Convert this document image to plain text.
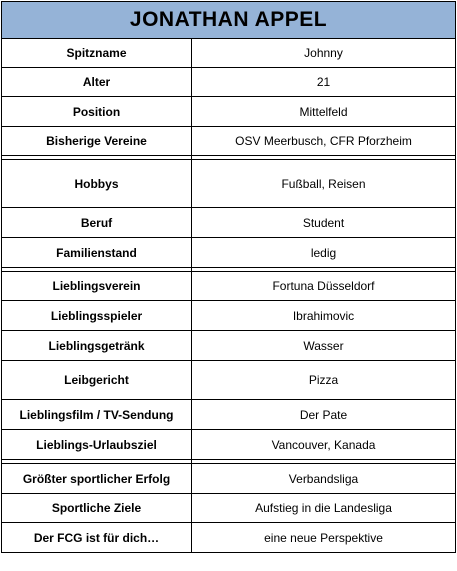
JONATHAN APPEL	
Spitzname	Johnny
Alter	21
Position	Mittelfeld
Bisherige Vereine	OSV Meerbusch, CFR Pforzheim

Hobbys	Fußball, Reisen
Beruf	Student
Familienstand	ledig

Lieblingsverein	Fortuna Düsseldorf
Lieblingsspieler	Ibrahimovic
Lieblingsgetränk	Wasser
Leibgericht	Pizza
Lieblingsfilm / TV-Sendung	Der Pate
Lieblings-Urlaubsziel	Vancouver, Kanada

Größter sportlicher Erfolg	Verbandsliga
Sportliche Ziele	Aufstieg in die Landesliga
Der FCG ist für dich…	eine neue Perspektive
